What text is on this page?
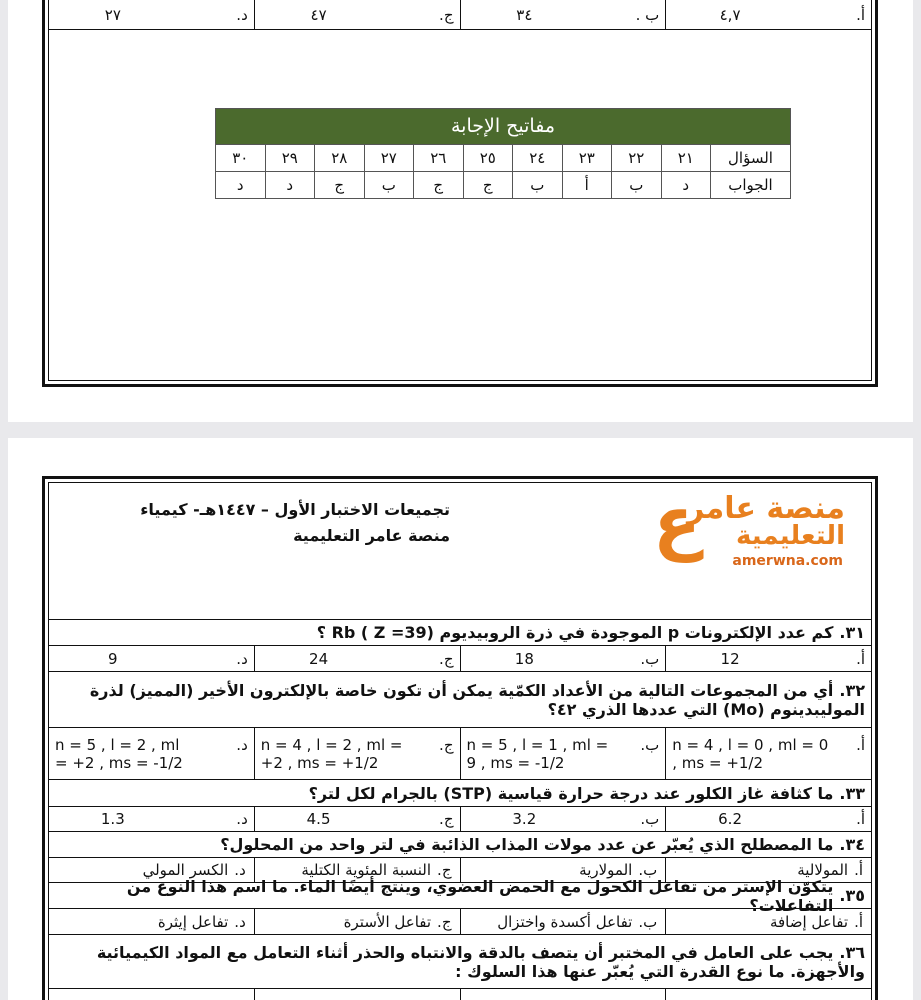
أ.
٤,٧
ب .
٣٤
ج.
٤٧
د.
٢٧
مفاتيح الإجابة
السؤال
٢١
٢٢
٢٣
٢٤
٢٥
٢٦
٢٧
٢٨
٢٩
٣٠
الجواب
د
ب
أ
ب
ج
ج
ب
ج
د
د
ع
منصة عامر
التعليمية
amerwna.com
تجميعات الاختبار الأول – ١٤٤٧هـ- كيمياء
منصة عامر التعليمية
٣١.
كم عدد الإلكترونات p الموجودة في ذرة الروبيديوم (39= Rb ( Z ؟
أ.
12
ب.
18
ج.
24
د.
9
٣٢.أي من المجموعات التالية من الأعداد الكمّية يمكن أن تكون خاصة بالإلكترون الأخير (المميز) لذرة
الموليبدينوم (Mo) التي عددها الذري ٤٢؟
أ.
n = 4 , l = 0 , ml = 0
, ms = +1/2
ب.
n = 5 , l = 1 , ml =
9 , ms = -1/2
ج.
n = 4 , l = 2 , ml =
+2 , ms = +1/2
د.
n = 5 , l = 2 , ml
= +2 , ms = -1/2
٣٣.
ما كثافة غاز الكلور عند درجة حرارة قياسية (STP) بالجرام لكل لتر؟
أ.
6.2
ب.
3.2
ج.
4.5
د.
1.3
٣٤.
ما المصطلح الذي يُعبّر عن عدد مولات المذاب الذائبة في لتر واحد من المحلول؟
أ.
المولالية
ب.
المولارية
ج.
النسبة المئوية الكتلية
د.
الكسر المولي
٣٥.
يتكوّن الإستر من تفاعل الكحول مع الحمض العضوي، وينتج أيضًا الماء. ما اسم هذا النوع من التفاعلات؟
أ.
تفاعل إضافة
ب.
تفاعل أكسدة واختزال
ج.
تفاعل الأسترة
د.
تفاعل إيثرة
٣٦.يجب على العامل في المختبر أن يتصف بالدقة والانتباه والحذر أثناء التعامل مع المواد الكيميائية
والأجهزة. ما نوع القدرة التي يُعبّر عنها هذا السلوك :
